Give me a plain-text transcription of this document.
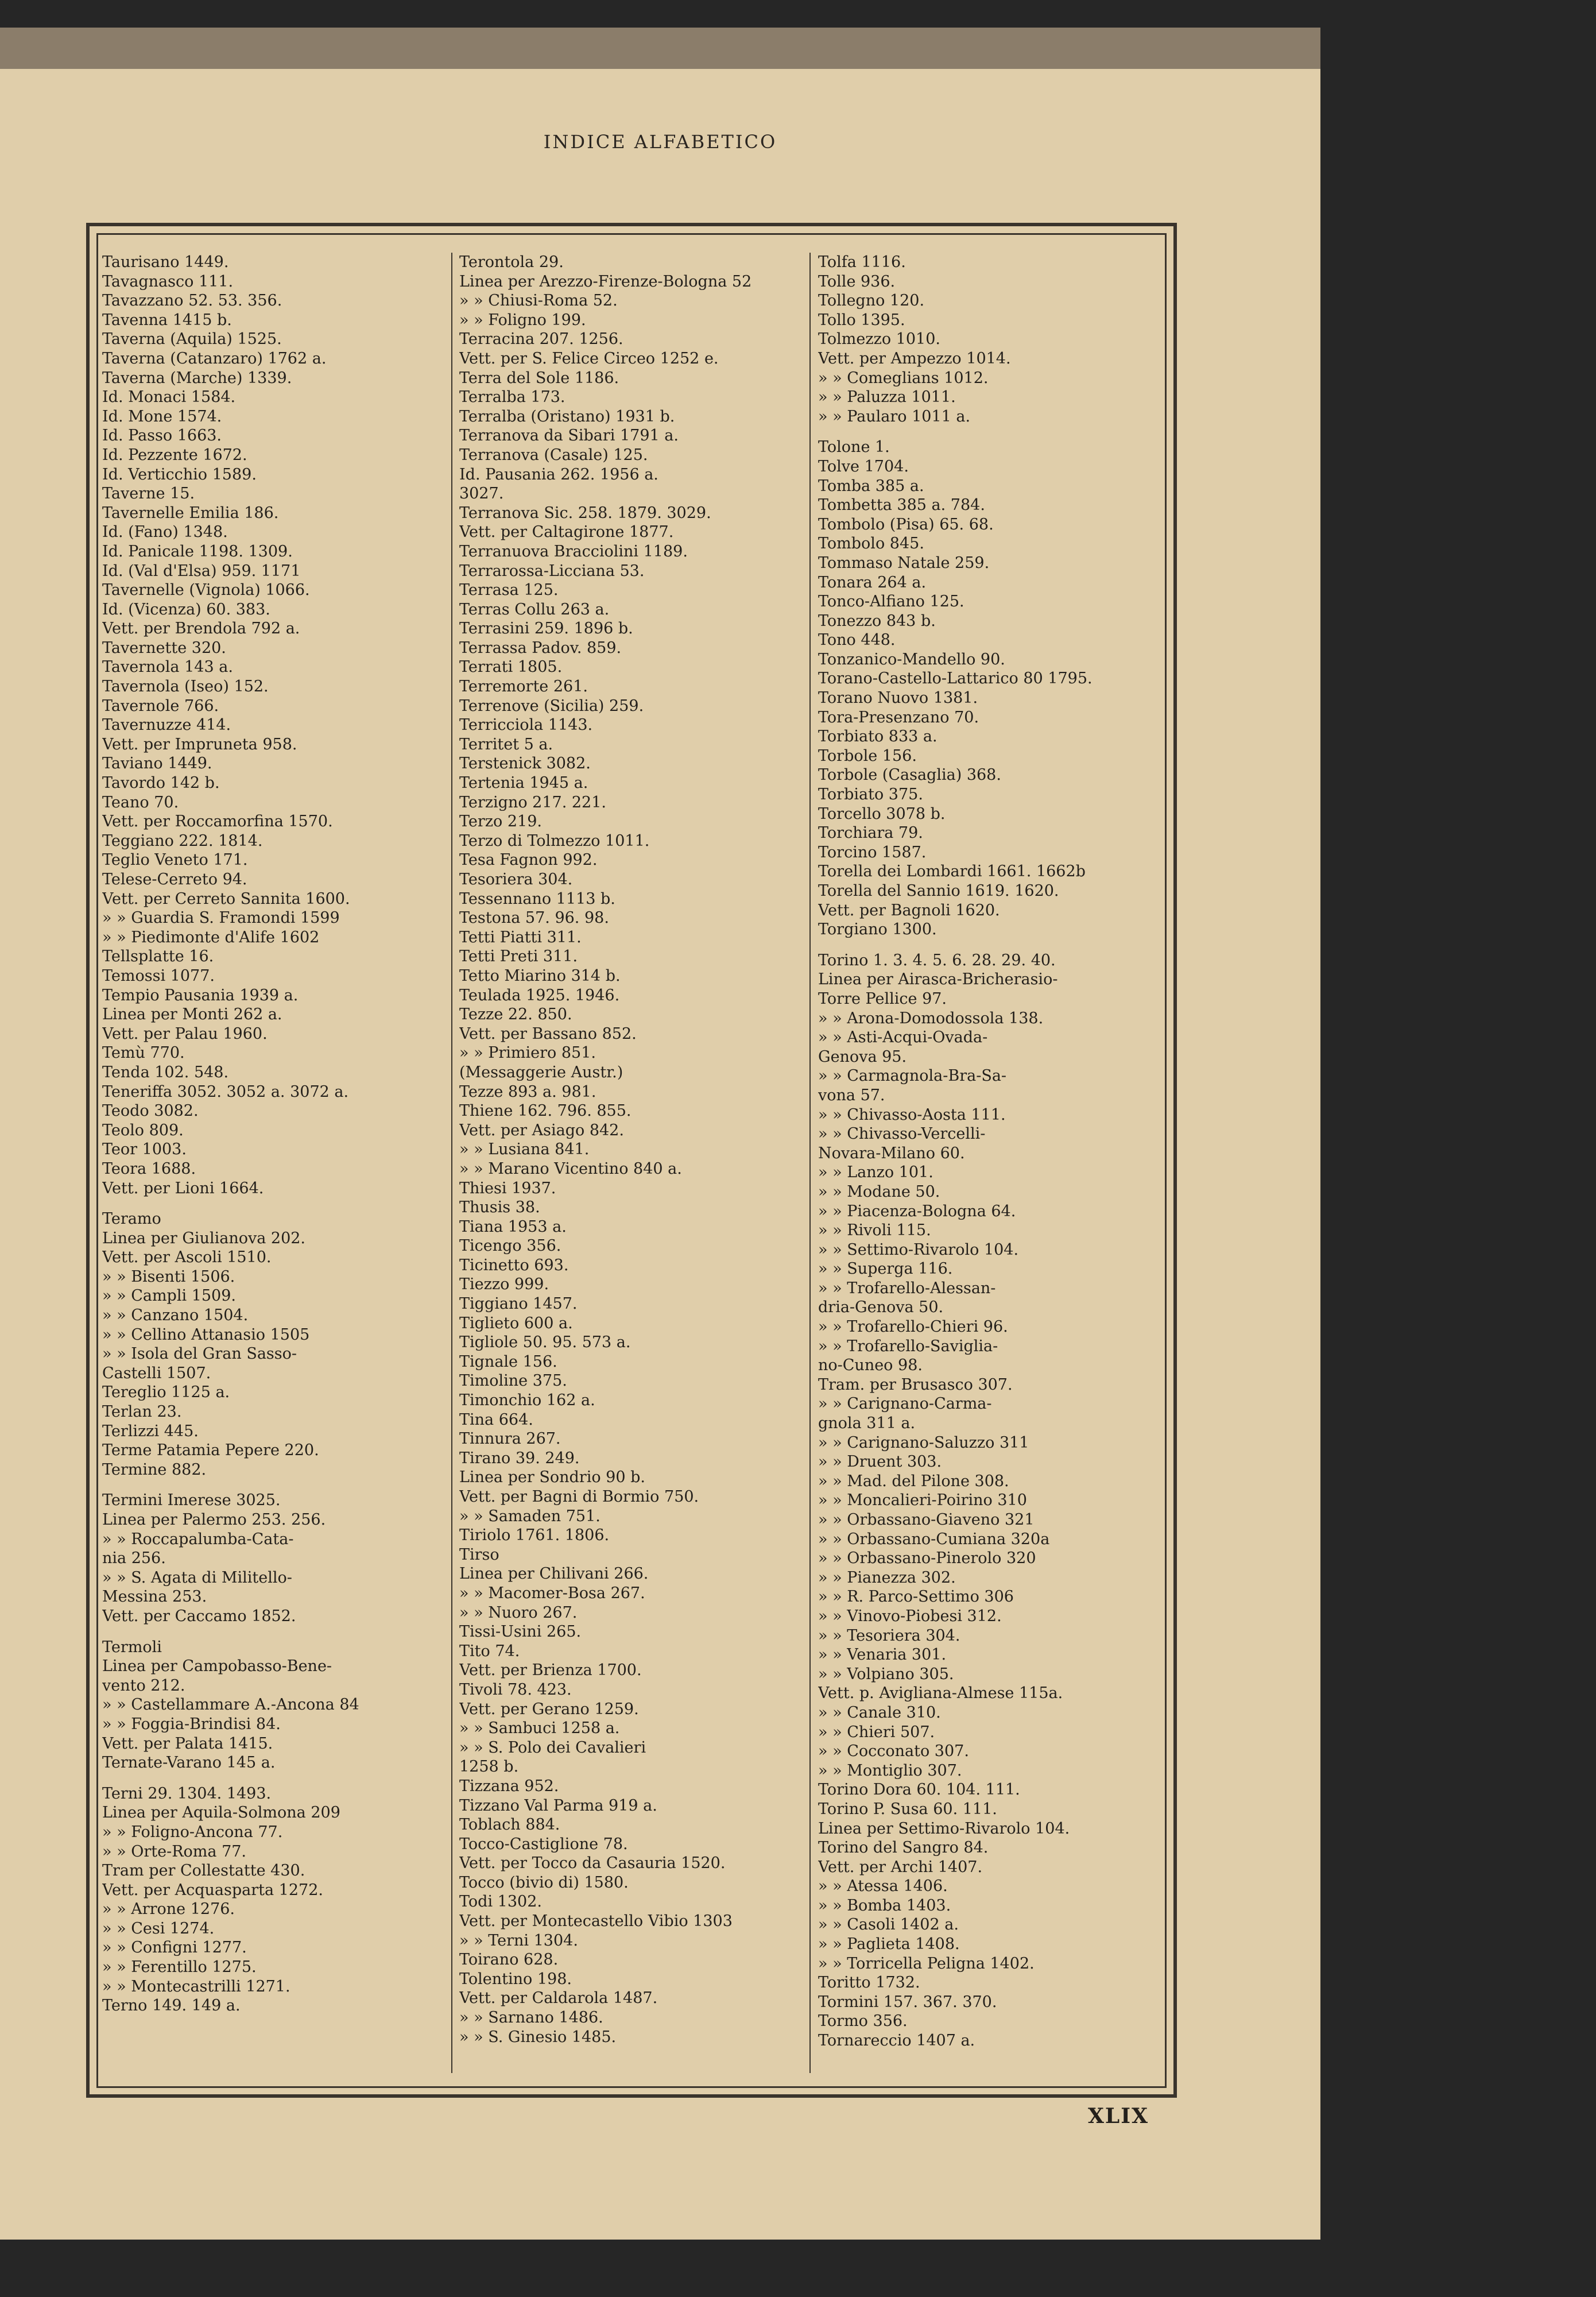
INDICE ALFABETICO
Taurisano 1449.
Tavagnasco 111.
Tavazzano 52. 53. 356.
Tavenna 1415 b.
Taverna (Aquila) 1525.
Taverna (Catanzaro) 1762 a.
Taverna (Marche) 1339.
Id. Monaci 1584.
Id. Mone 1574.
Id. Passo 1663.
Id. Pezzente 1672.
Id. Verticchio 1589.
Taverne 15.
Tavernelle Emilia 186.
Id. (Fano) 1348.
Id. Panicale 1198. 1309.
Id. (Val d'Elsa) 959. 1171
Tavernelle (Vignola) 1066.
Id. (Vicenza) 60. 383.
Vett. per Brendola 792 a.
Tavernette 320.
Tavernola 143 a.
Tavernola (Iseo) 152.
Tavernole 766.
Tavernuzze 414.
Vett. per Impruneta 958.
Taviano 1449.
Tavordo 142 b.
Teano 70.
Vett. per Roccamorfina 1570.
Teggiano 222. 1814.
Teglio Veneto 171.
Telese-Cerreto 94.
Vett. per Cerreto Sannita 1600.
» » Guardia S. Framondi 1599
» » Piedimonte d'Alife 1602
Tellsplatte 16.
Temossi 1077.
Tempio Pausania 1939 a.
Linea per Monti 262 a.
Vett. per Palau 1960.
Temù 770.
Tenda 102. 548.
Teneriffa 3052. 3052 a. 3072 a.
Teodo 3082.
Teolo 809.
Teor 1003.
Teora 1688.
Vett. per Lioni 1664.
Teramo
Linea per Giulianova 202.
Vett. per Ascoli 1510.
» » Bisenti 1506.
» » Campli 1509.
» » Canzano 1504.
» » Cellino Attanasio 1505
» » Isola del Gran Sasso-
Castelli 1507.
Tereglio 1125 a.
Terlan 23.
Terlizzi 445.
Terme Patamia Pepere 220.
Termine 882.
Termini Imerese 3025.
Linea per Palermo 253. 256.
» » Roccapalumba-Cata-
nia 256.
» » S. Agata di Militello-
Messina 253.
Vett. per Caccamo 1852.
Termoli
Linea per Campobasso-Bene-
vento 212.
» » Castellammare A.-Ancona 84
» » Foggia-Brindisi 84.
Vett. per Palata 1415.
Ternate-Varano 145 a.
Terni 29. 1304. 1493.
Linea per Aquila-Solmona 209
» » Foligno-Ancona 77.
» » Orte-Roma 77.
Tram per Collestatte 430.
Vett. per Acquasparta 1272.
» » Arrone 1276.
» » Cesi 1274.
» » Configni 1277.
» » Ferentillo 1275.
» » Montecastrilli 1271.
Terno 149. 149 a.
Terontola 29.
Linea per Arezzo-Firenze-Bologna 52
» » Chiusi-Roma 52.
» » Foligno 199.
Terracina 207. 1256.
Vett. per S. Felice Circeo 1252 e.
Terra del Sole 1186.
Terralba 173.
Terralba (Oristano) 1931 b.
Terranova da Sibari 1791 a.
Terranova (Casale) 125.
Id. Pausania 262. 1956 a.
3027.
Terranova Sic. 258. 1879. 3029.
Vett. per Caltagirone 1877.
Terranuova Bracciolini 1189.
Terrarossa-Licciana 53.
Terrasa 125.
Terras Collu 263 a.
Terrasini 259. 1896 b.
Terrassa Padov. 859.
Terrati 1805.
Terremorte 261.
Terrenove (Sicilia) 259.
Terricciola 1143.
Territet 5 a.
Terstenick 3082.
Tertenia 1945 a.
Terzigno 217. 221.
Terzo 219.
Terzo di Tolmezzo 1011.
Tesa Fagnon 992.
Tesoriera 304.
Tessennano 1113 b.
Testona 57. 96. 98.
Tetti Piatti 311.
Tetti Preti 311.
Tetto Miarino 314 b.
Teulada 1925. 1946.
Tezze 22. 850.
Vett. per Bassano 852.
» » Primiero 851.
(Messaggerie Austr.)
Tezze 893 a. 981.
Thiene 162. 796. 855.
Vett. per Asiago 842.
» » Lusiana 841.
» » Marano Vicentino 840 a.
Thiesi 1937.
Thusis 38.
Tiana 1953 a.
Ticengo 356.
Ticinetto 693.
Tiezzo 999.
Tiggiano 1457.
Tiglieto 600 a.
Tigliole 50. 95. 573 a.
Tignale 156.
Timoline 375.
Timonchio 162 a.
Tina 664.
Tinnura 267.
Tirano 39. 249.
Linea per Sondrio 90 b.
Vett. per Bagni di Bormio 750.
» » Samaden 751.
Tiriolo 1761. 1806.
Tirso
Linea per Chilivani 266.
» » Macomer-Bosa 267.
» » Nuoro 267.
Tissi-Usini 265.
Tito 74.
Vett. per Brienza 1700.
Tivoli 78. 423.
Vett. per Gerano 1259.
» » Sambuci 1258 a.
» » S. Polo dei Cavalieri
1258 b.
Tizzana 952.
Tizzano Val Parma 919 a.
Toblach 884.
Tocco-Castiglione 78.
Vett. per Tocco da Casauria 1520.
Tocco (bivio di) 1580.
Todi 1302.
Vett. per Montecastello Vibio 1303
» » Terni 1304.
Toirano 628.
Tolentino 198.
Vett. per Caldarola 1487.
» » Sarnano 1486.
» » S. Ginesio 1485.
Tolfa 1116.
Tolle 936.
Tollegno 120.
Tollo 1395.
Tolmezzo 1010.
Vett. per Ampezzo 1014.
» » Comeglians 1012.
» » Paluzza 1011.
» » Paularo 1011 a.
Tolone 1.
Tolve 1704.
Tomba 385 a.
Tombetta 385 a. 784.
Tombolo (Pisa) 65. 68.
Tombolo 845.
Tommaso Natale 259.
Tonara 264 a.
Tonco-Alfiano 125.
Tonezzo 843 b.
Tono 448.
Tonzanico-Mandello 90.
Torano-Castello-Lattarico 80 1795.
Torano Nuovo 1381.
Tora-Presenzano 70.
Torbiato 833 a.
Torbole 156.
Torbole (Casaglia) 368.
Torbiato 375.
Torcello 3078 b.
Torchiara 79.
Torcino 1587.
Torella dei Lombardi 1661. 1662b
Torella del Sannio 1619. 1620.
Vett. per Bagnoli 1620.
Torgiano 1300.
Torino 1. 3. 4. 5. 6. 28. 29. 40.
Linea per Airasca-Bricherasio-
Torre Pellice 97.
» » Arona-Domodossola 138.
» » Asti-Acqui-Ovada-
Genova 95.
» » Carmagnola-Bra-Sa-
vona 57.
» » Chivasso-Aosta 111.
» » Chivasso-Vercelli-
Novara-Milano 60.
» » Lanzo 101.
» » Modane 50.
» » Piacenza-Bologna 64.
» » Rivoli 115.
» » Settimo-Rivarolo 104.
» » Superga 116.
» » Trofarello-Alessan-
dria-Genova 50.
» » Trofarello-Chieri 96.
» » Trofarello-Saviglia-
no-Cuneo 98.
Tram. per Brusasco 307.
» » Carignano-Carma-
gnola 311 a.
» » Carignano-Saluzzo 311
» » Druent 303.
» » Mad. del Pilone 308.
» » Moncalieri-Poirino 310
» » Orbassano-Giaveno 321
» » Orbassano-Cumiana 320a
» » Orbassano-Pinerolo 320
» » Pianezza 302.
» » R. Parco-Settimo 306
» » Vinovo-Piobesi 312.
» » Tesoriera 304.
» » Venaria 301.
» » Volpiano 305.
Vett. p. Avigliana-Almese 115a.
» » Canale 310.
» » Chieri 507.
» » Cocconato 307.
» » Montiglio 307.
Torino Dora 60. 104. 111.
Torino P. Susa 60. 111.
Linea per Settimo-Rivarolo 104.
Torino del Sangro 84.
Vett. per Archi 1407.
» » Atessa 1406.
» » Bomba 1403.
» » Casoli 1402 a.
» » Paglieta 1408.
» » Torricella Peligna 1402.
Toritto 1732.
Tormini 157. 367. 370.
Tormo 356.
Tornareccio 1407 a.
XLIX
